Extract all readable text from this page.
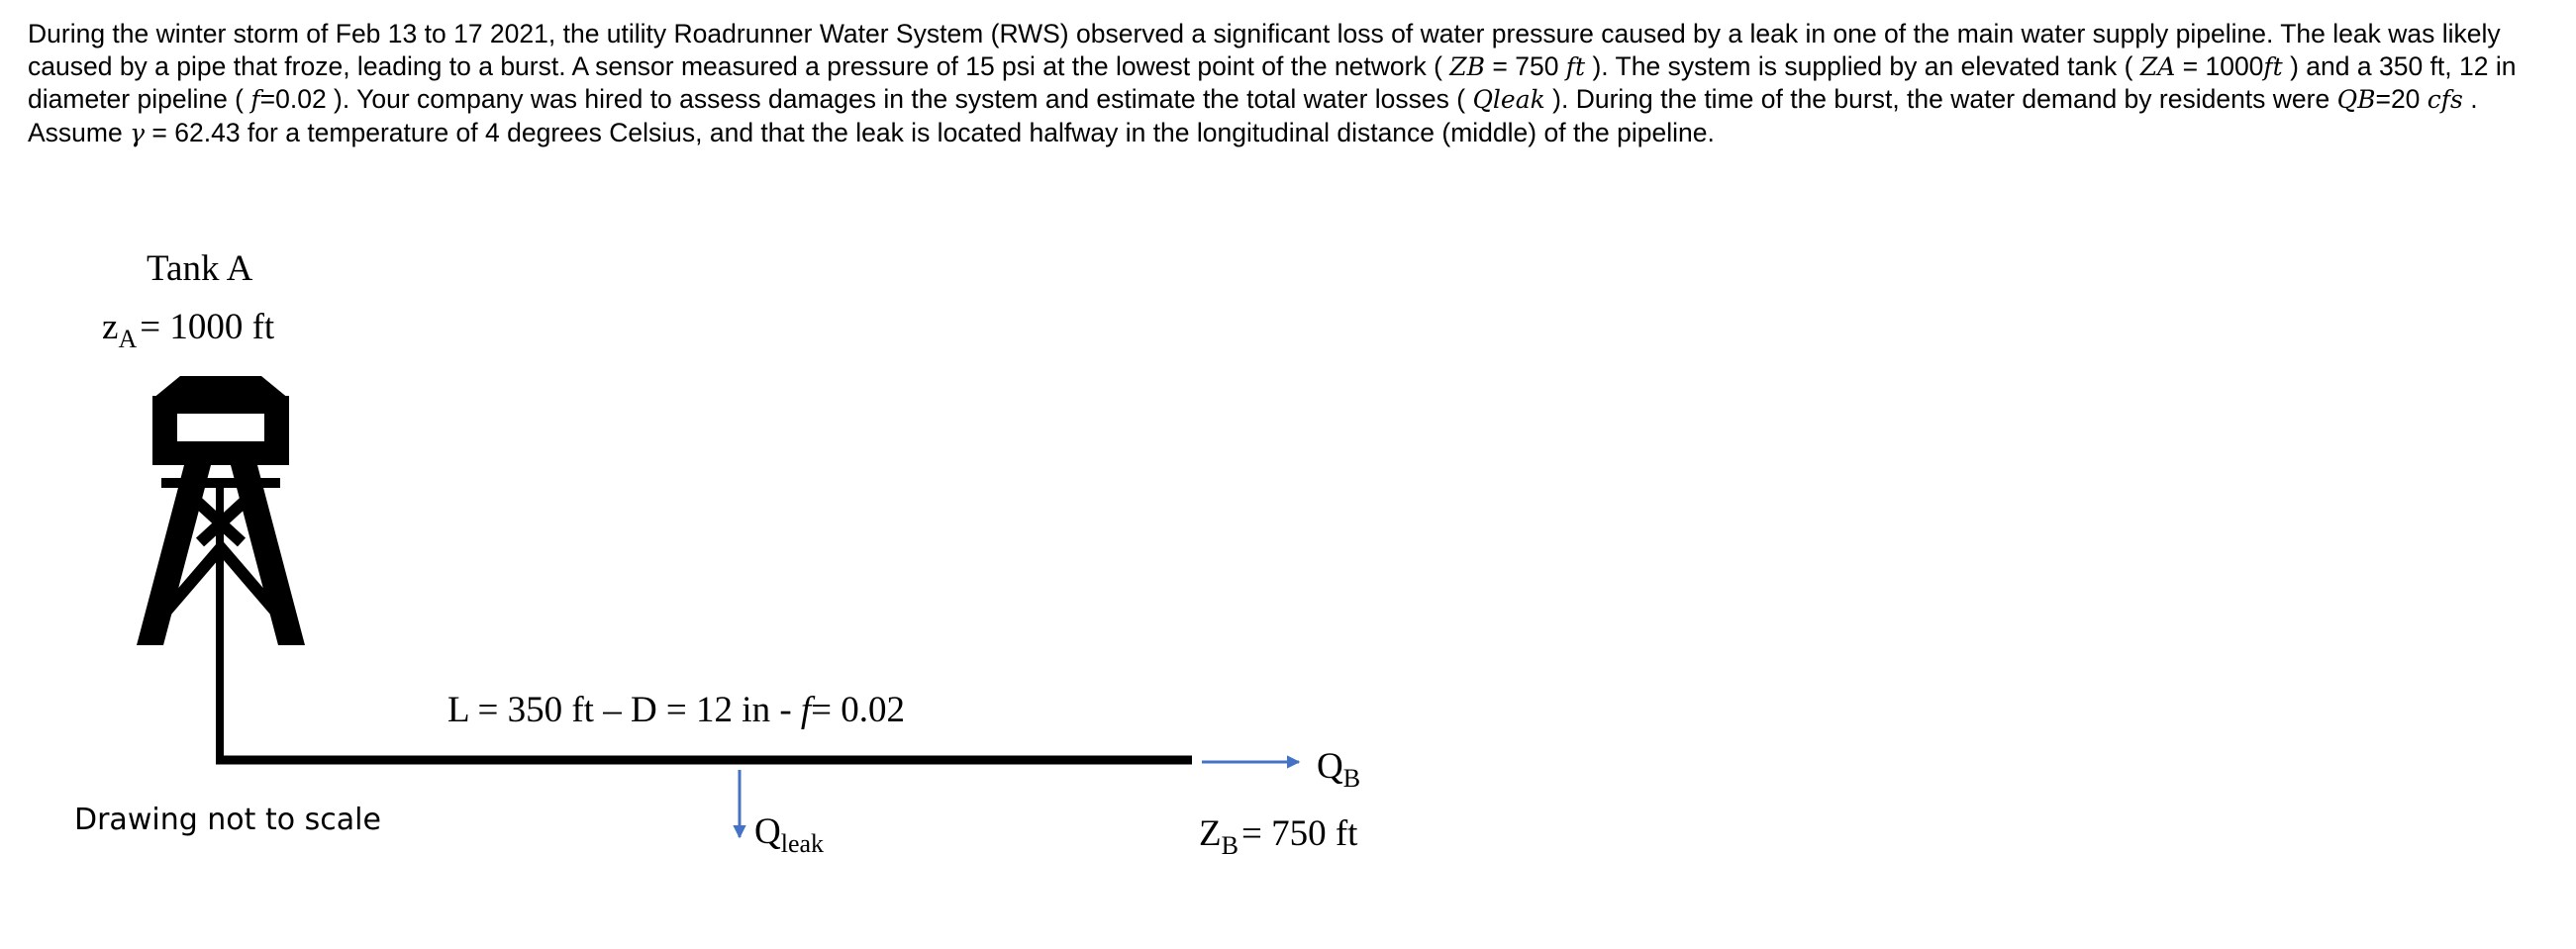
During the winter storm of Feb 13 to 17 2021, the utility Roadrunner Water System (RWS) observed a significant loss of water pressure caused by a leak in one of the main water supply pipeline. The leak was likely caused by a pipe that froze, leading to a burst. A sensor measured a pressure of 15 psi at the lowest point of the network ( ZB = 750 ft ). The system is supplied by an elevated tank ( ZA = 1000ft ) and a 350 ft, 12 in diameter pipeline ( f=0.02 ). Your company was hired to assess damages in the system and estimate the total water losses ( Qleak ). During the time of the burst, the water demand by residents were QB=20 cfs . Assume γ = 62.43 for a temperature of 4 degrees Celsius, and that the leak is located halfway in the longitudinal distance (middle) of the pipeline.

Tank A
$z_A= 1000$ ft
L = 350 ft – D = 12 in - f= 0.02
$Q_B$
$Q_{leak}$	$Z_B= 750$ ft
Drawing not to scale
